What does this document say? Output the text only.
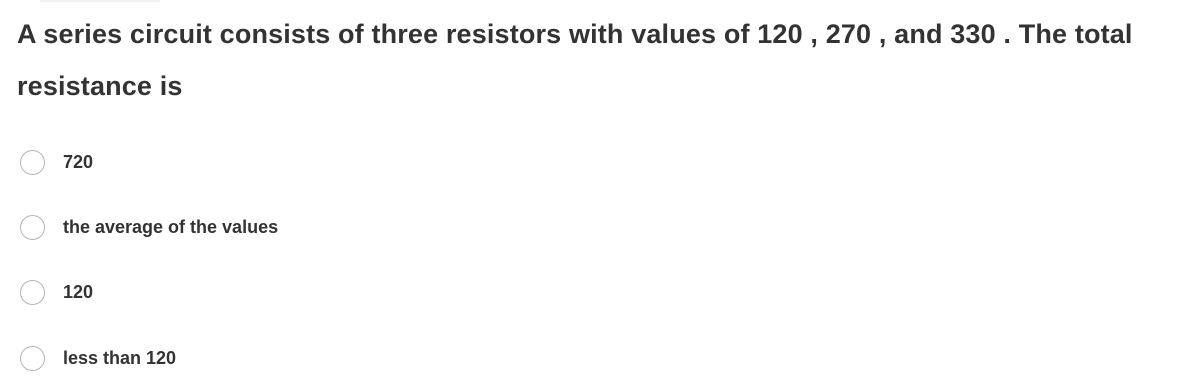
A series circuit consists of three resistors with values of 120 , 270 , and 330 . The total resistance is

720
the average of the values
120
less than 120
